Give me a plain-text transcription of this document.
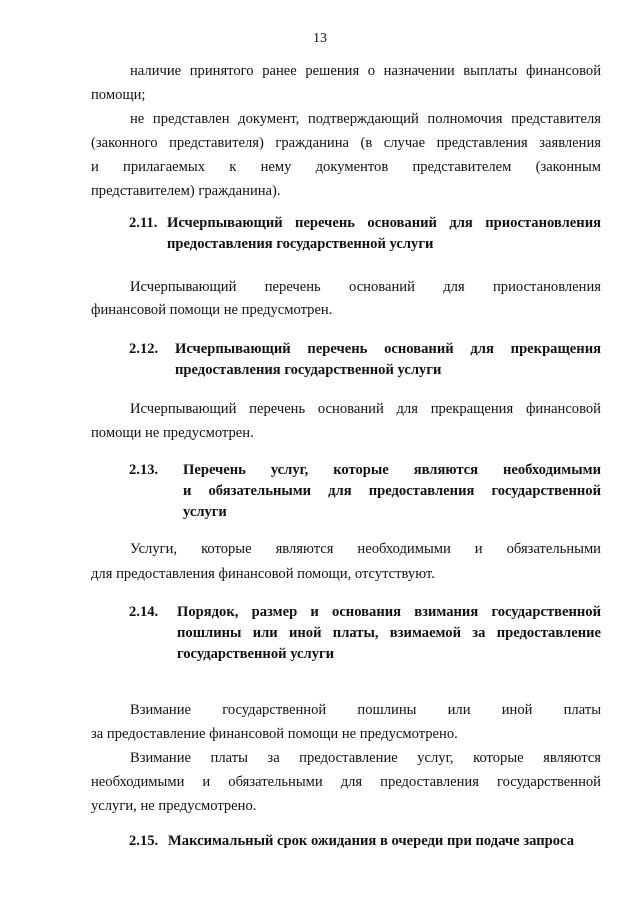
13

наличие принятого ранее решения о назначении выплаты финансовой

помощи;

не представлен документ, подтверждающий полномочия представителя

(законного представителя) гражданина (в случае представления заявления

и прилагаемых к нему документов представителем (законным

представителем) гражданина).

2.11. Исчерпывающий перечень оснований для приостановления
предоставления государственной услуги

Исчерпывающий перечень оснований для приостановления

финансовой помощи не предусмотрен.

2.12.	Исчерпывающий перечень оснований для прекращения
предоставления государственной услуги

Исчерпывающий перечень оснований для прекращения финансовой

помощи не предусмотрен.

2.13.	Перечень услуг, которые являются необходимыми
и обязательными для предоставления государственной
услуги

Услуги, которые являются необходимыми и обязательными

для предоставления финансовой помощи, отсутствуют.

2.14.	Порядок, размер и основания взимания государственной
пошлины или иной платы, взимаемой за предоставление
государственной услуги

Взимание государственной пошлины или иной платы

за предоставление финансовой помощи не предусмотрено.

Взимание платы за предоставление услуг, которые являются

необходимыми и обязательными для предоставления государственной

услуги, не предусмотрено.

2.15. Максимальный срок ожидания в очереди при подаче запроса
